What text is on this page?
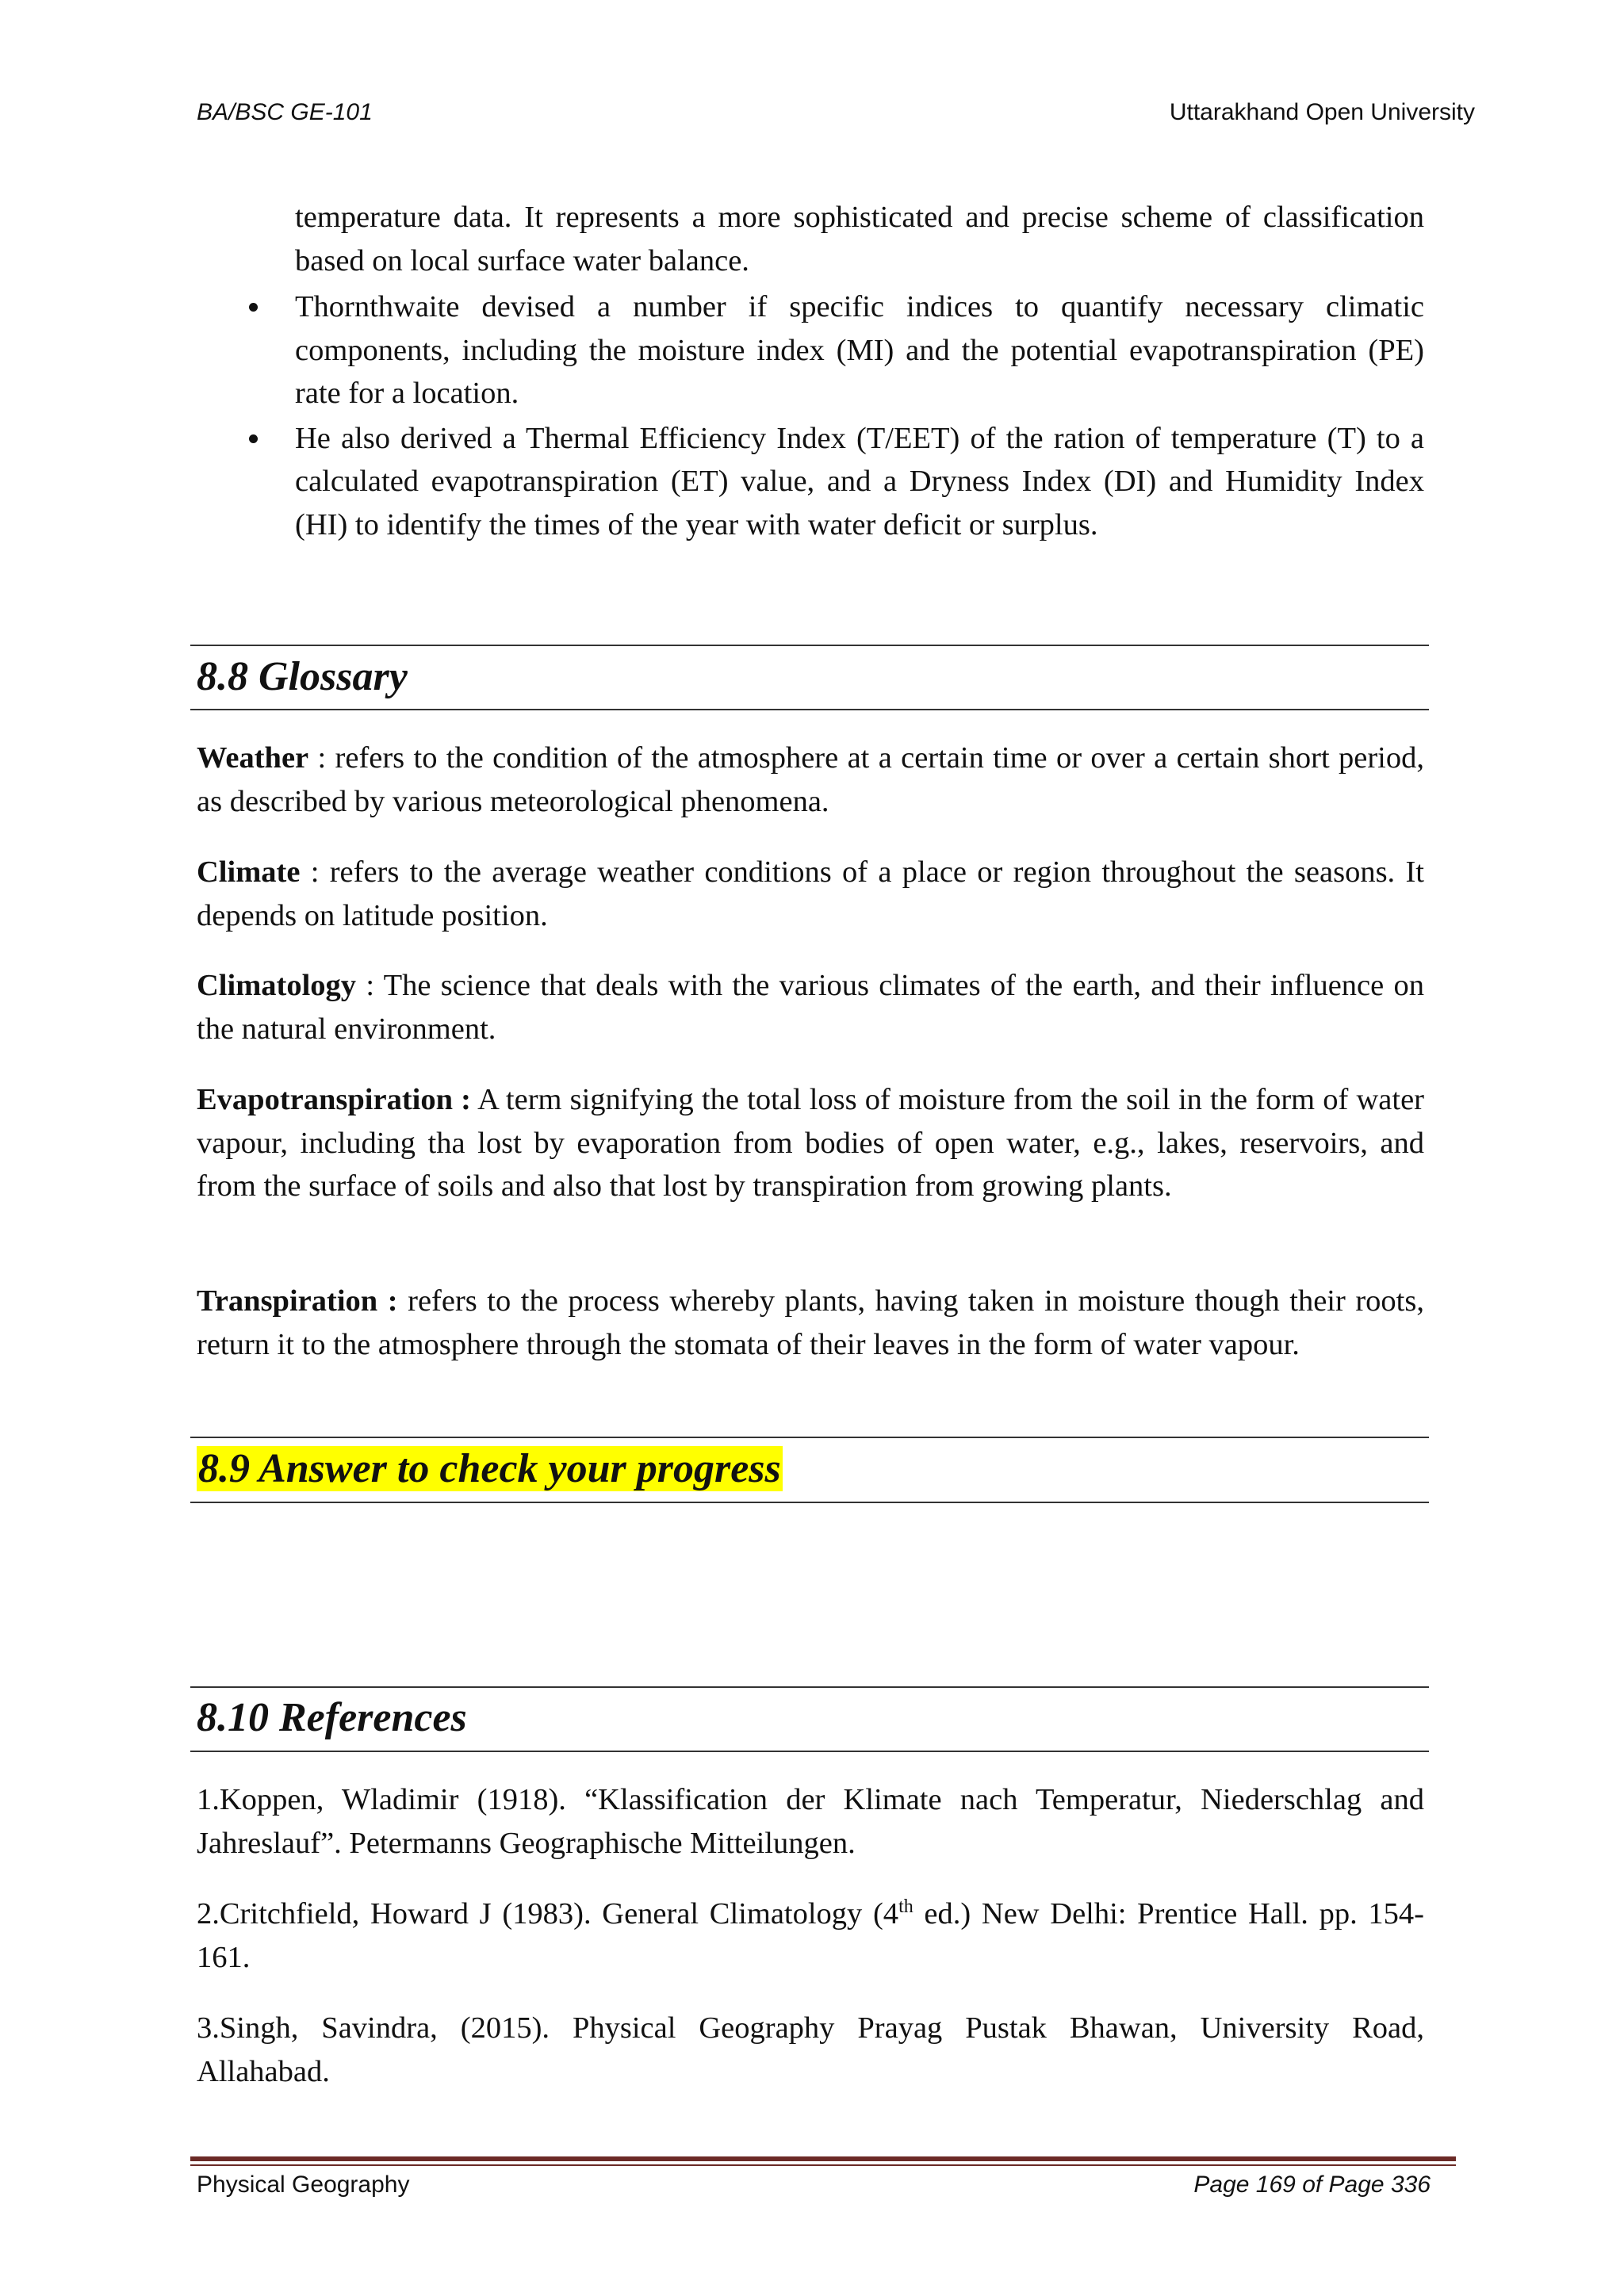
BA/BSC GE-101	Uttarakhand Open University

temperature data. It represents a more sophisticated and precise scheme of classification based on local surface water balance.

Thornthwaite devised a number if specific indices to quantify necessary climatic components, including the moisture index (MI) and the potential evapotranspiration (PE) rate for a location.

He also derived a Thermal Efficiency Index (T/EET) of the ration of temperature (T) to a calculated evapotranspiration (ET) value, and a Dryness Index (DI) and Humidity Index (HI) to identify the times of the year with water deficit or surplus.

8.8 Glossary

Weather : refers to the condition of the atmosphere at a certain time or over a certain short period, as described by various meteorological phenomena.

Climate : refers to the average weather conditions of a place or region throughout the seasons. It depends on latitude position.

Climatology : The science that deals with the various climates of the earth, and their influence on the natural environment.

Evapotranspiration : A term signifying the total loss of moisture from the soil in the form of water vapour, including tha lost by evaporation from bodies of open water, e.g., lakes, reservoirs, and from the surface of soils and also that lost by transpiration from growing plants.

Transpiration : refers to the process whereby plants, having taken in moisture though their roots, return it to the atmosphere through the stomata of their leaves in the form of water vapour.

8.9 Answer to check your progress
8.10 References

1.Koppen, Wladimir (1918). “Klassification der Klimate nach Temperatur, Niederschlag and Jahreslauf”. Petermanns Geographische Mitteilungen.

2.Critchfield, Howard J (1983). General Climatology (4th ed.) New Delhi: Prentice Hall. pp. 154-161.

3.Singh, Savindra, (2015). Physical Geography Prayag Pustak Bhawan, University Road, Allahabad.

Physical Geography	Page 169 of Page 336
